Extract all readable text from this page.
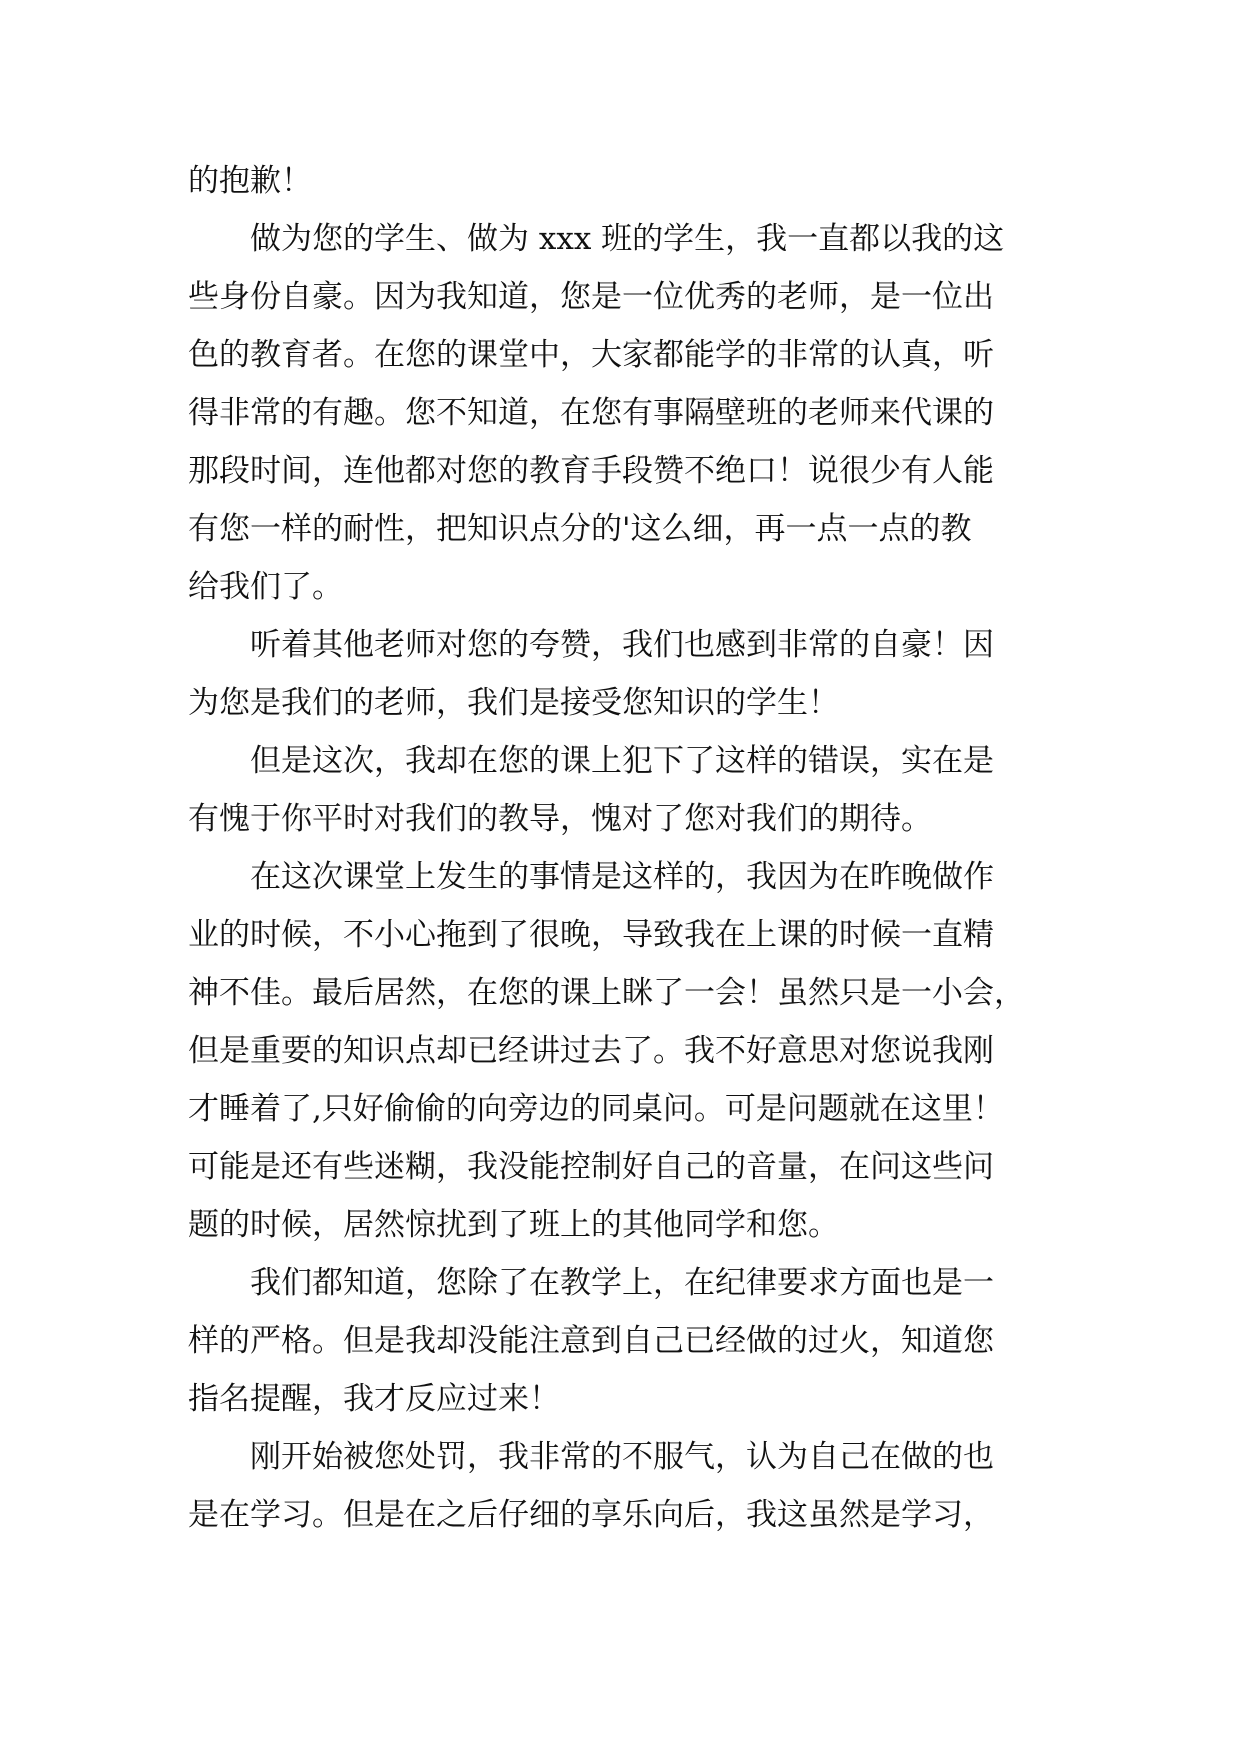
的抱歉！

　　做为您的学生、做为 xxx 班的学生，我一直都以我的这

些身份自豪。因为我知道，您是一位优秀的老师，是一位出

色的教育者。在您的课堂中，大家都能学的非常的认真，听

得非常的有趣。您不知道，在您有事隔壁班的老师来代课的

那段时间，连他都对您的教育手段赞不绝口！说很少有人能

有您一样的耐性，把知识点分的'这么细，再一点一点的教

给我们了。

　　听着其他老师对您的夸赞，我们也感到非常的自豪！因

为您是我们的老师，我们是接受您知识的学生！

　　但是这次，我却在您的课上犯下了这样的错误，实在是

有愧于你平时对我们的教导，愧对了您对我们的期待。

　　在这次课堂上发生的事情是这样的，我因为在昨晚做作

业的时候，不小心拖到了很晚，导致我在上课的时候一直精

神不佳。最后居然，在您的课上眯了一会！虽然只是一小会，

但是重要的知识点却已经讲过去了。我不好意思对您说我刚

才睡着了,只好偷偷的向旁边的同桌问。可是问题就在这里！

可能是还有些迷糊，我没能控制好自己的音量，在问这些问

题的时候，居然惊扰到了班上的其他同学和您。

　　我们都知道，您除了在教学上，在纪律要求方面也是一

样的严格。但是我却没能注意到自己已经做的过火，知道您

指名提醒，我才反应过来！

　　刚开始被您处罚，我非常的不服气，认为自己在做的也

是在学习。但是在之后仔细的享乐向后，我这虽然是学习，
